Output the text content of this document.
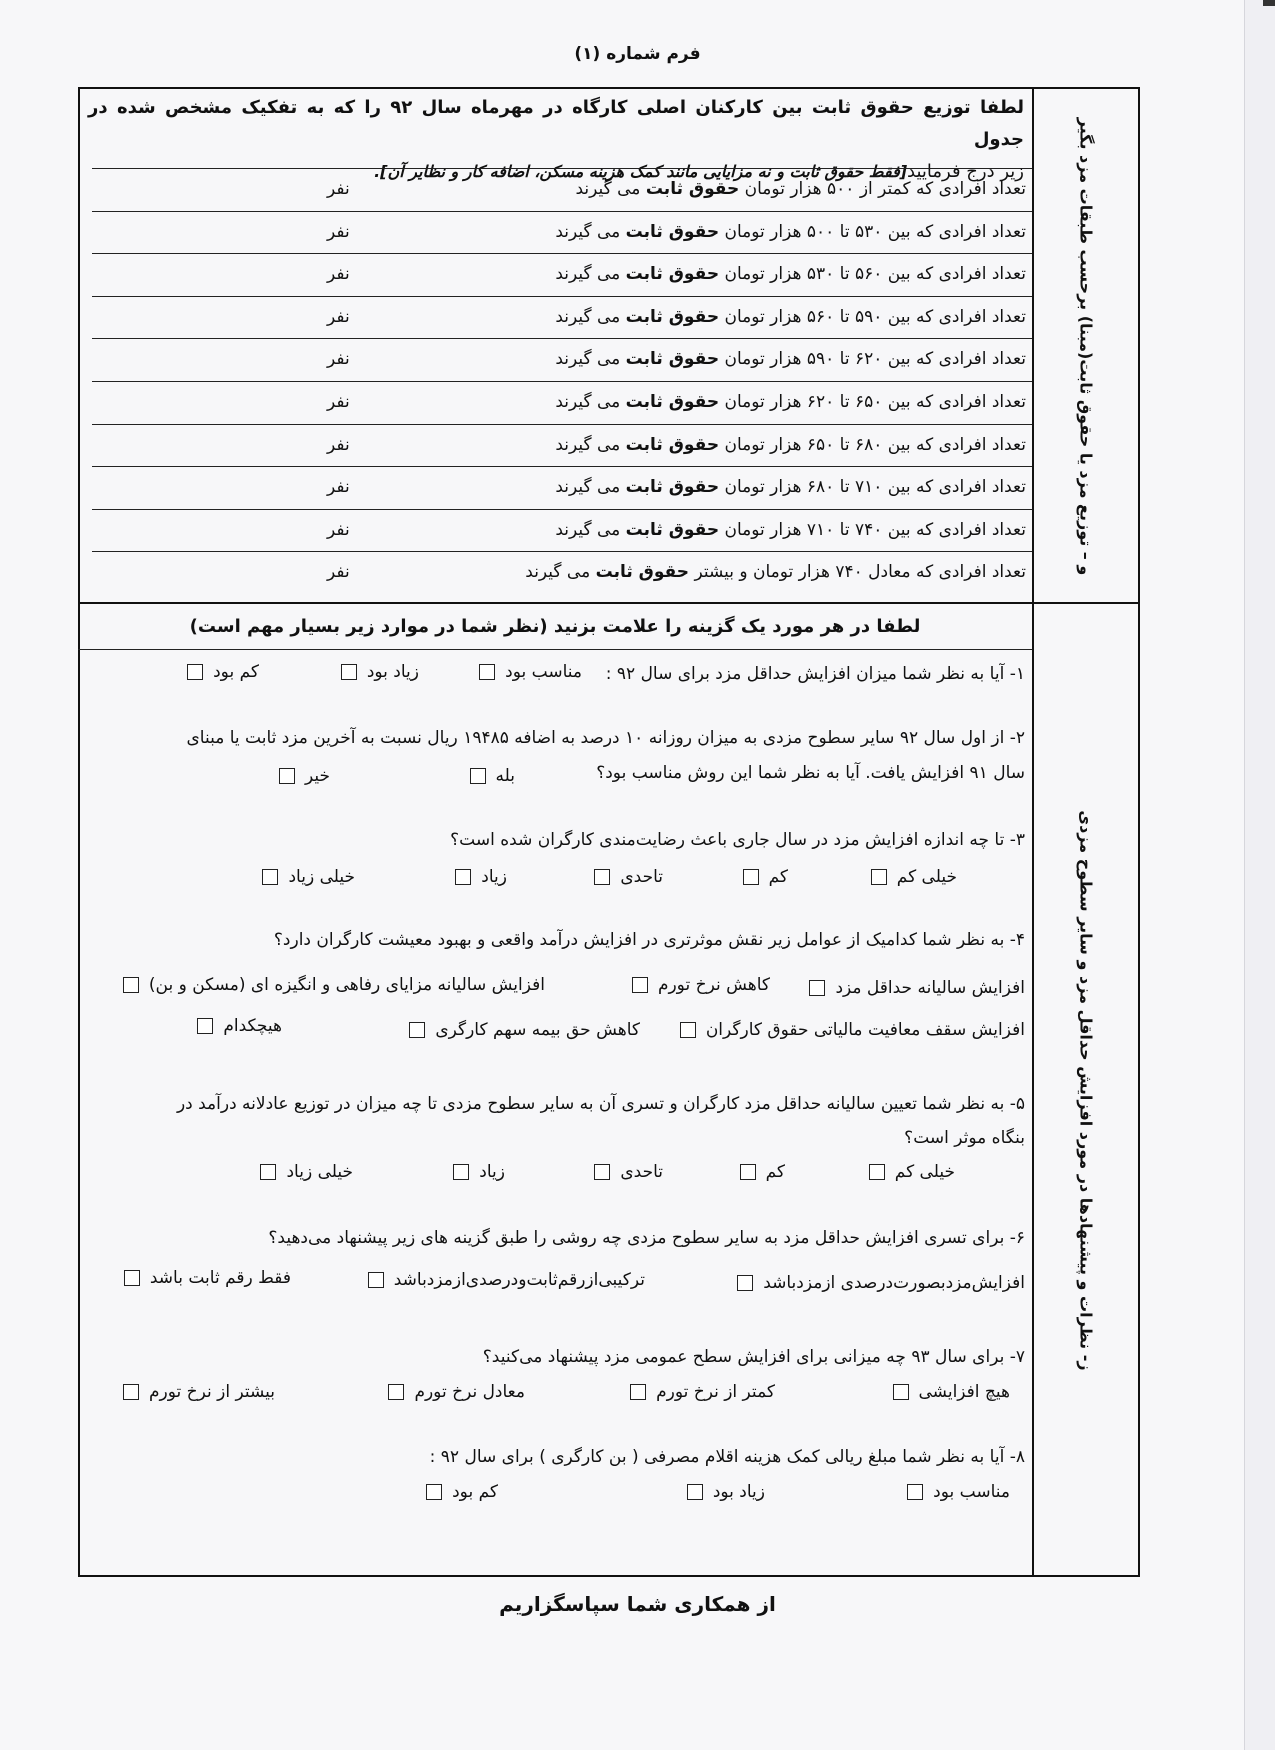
فرم شماره (۱)
و – توزیع مزد یا حقوق ثابت(مبنا) برحسب طبقات مزد بگیر
ز- نظرات و پیشنهادها در مورد افزایش حداقل مزد و سایر سطوح مزدی
لطفا توزیع حقوق ثابت بین کارکنان اصلی کارگاه در مهرماه سال ۹۲ را که به تفکیک مشخص شده در جدول
زیر درج فرمایید[فقط حقوق ثابت و نه مزایایی مانند کمک هزینه مسکن، اضافه کار و نظایر آن].
تعداد افرادی که کمتر از ۵۰۰ هزار تومان حقوق ثابت می گیرند
نفر
تعداد افرادی که بین ۵۳۰ تا ۵۰۰ هزار تومان حقوق ثابت می گیرند
نفر
تعداد افرادی که بین ۵۶۰ تا ۵۳۰ هزار تومان حقوق ثابت می گیرند
نفر
تعداد افرادی که بین ۵۹۰ تا ۵۶۰ هزار تومان حقوق ثابت می گیرند
نفر
تعداد افرادی که بین ۶۲۰ تا ۵۹۰ هزار تومان حقوق ثابت می گیرند
نفر
تعداد افرادی که بین ۶۵۰ تا ۶۲۰ هزار تومان حقوق ثابت می گیرند
نفر
تعداد افرادی که بین ۶۸۰ تا ۶۵۰ هزار تومان حقوق ثابت می گیرند
نفر
تعداد افرادی که بین ۷۱۰ تا ۶۸۰ هزار تومان حقوق ثابت می گیرند
نفر
تعداد افرادی که بین ۷۴۰ تا ۷۱۰ هزار تومان حقوق ثابت می گیرند
نفر
تعداد افرادی که معادل ۷۴۰ هزار تومان و بیشتر حقوق ثابت می گیرند
نفر
لطفا در هر مورد یک گزینه را علامت بزنید (نظر شما در موارد زیر بسیار مهم است)
۱- آیا به نظر شما میزان افزایش حداقل مزد برای سال ۹۲ :
مناسب بود
زیاد بود
کم بود
۲- از اول سال ۹۲ سایر سطوح مزدی به میزان روزانه ۱۰ درصد به اضافه ۱۹۴۸۵ ریال نسبت به آخرین مزد ثابت یا مبنای
سال ۹۱ افزایش یافت. آیا به نظر شما این روش مناسب بود؟
بله
خیر
۳- تا چه اندازه افزایش مزد در سال جاری باعث رضایت‌مندی کارگران شده است؟
خیلی کم
کم
تاحدی
زیاد
خیلی زیاد
۴- به نظر شما کدامیک از عوامل زیر نقش موثرتری در افزایش درآمد واقعی و بهبود معیشت کارگران دارد؟
افزایش سالیانه حداقل مزد
کاهش نرخ تورم
افزایش سالیانه مزایای رفاهی و انگیزه ای (مسکن و بن)
افزایش سقف معافیت مالیاتی حقوق کارگران
کاهش حق بیمه سهم کارگری
هیچکدام
۵- به نظر شما تعیین سالیانه حداقل مزد کارگران و تسری آن به سایر سطوح مزدی تا چه میزان در توزیع عادلانه درآمد در
بنگاه موثر است؟
خیلی کم
کم
تاحدی
زیاد
خیلی زیاد
۶- برای تسری افزایش حداقل مزد به سایر سطوح مزدی چه روشی را طبق گزینه های زیر پیشنهاد می‌دهید؟
افزایش‌مزدبصورت‌درصدی ازمزدباشد
ترکیبی‌ازرقم‌ثابت‌ودرصدی‌ازمزدباشد
فقط رقم ثابت باشد
۷- برای سال ۹۳ چه میزانی برای افزایش سطح عمومی مزد پیشنهاد می‌کنید؟
هیچ افزایشی
کمتر از نرخ تورم
معادل نرخ تورم
بیشتر از نرخ تورم
۸- آیا به نظر شما مبلغ ریالی کمک هزینه اقلام مصرفی ( بن کارگری ) برای سال ۹۲ :
مناسب بود
زیاد بود
کم بود
از همکاری شما سپاسگزاریم
